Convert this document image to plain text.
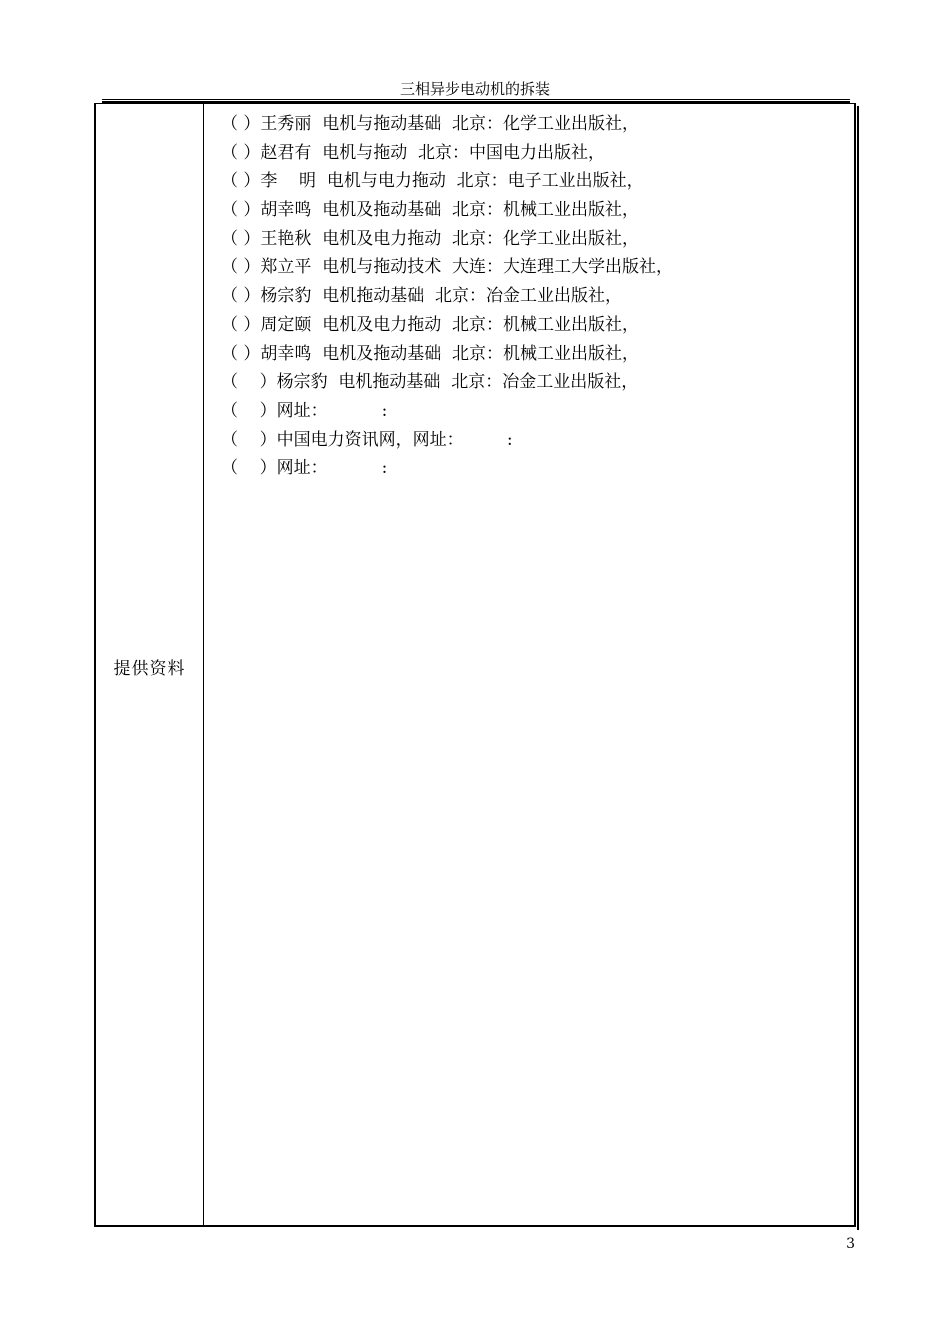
三相异步电动机的拆装
提供资料
（ ）王秀丽  电机与拖动基础  北京：化学工业出版社，
（ ）赵君有  电机与拖动  北京：中国电力出版社，
（ ）李    明  电机与电力拖动  北京：电子工业出版社，
（ ）胡幸鸣  电机及拖动基础  北京：机械工业出版社，
（ ）王艳秋  电机及电力拖动  北京：化学工业出版社，
（ ）郑立平  电机与拖动技术  大连：大连理工大学出版社，
（ ）杨宗豹  电机拖动基础  北京：冶金工业出版社，
（ ）周定颐  电机及电力拖动  北京：机械工业出版社，
（ ）胡幸鸣  电机及拖动基础  北京：机械工业出版社，
（    ）杨宗豹  电机拖动基础  北京：冶金工业出版社，
（    ）网址：          :
（    ）中国电力资讯网，网址：        :
（    ）网址：          :
3
